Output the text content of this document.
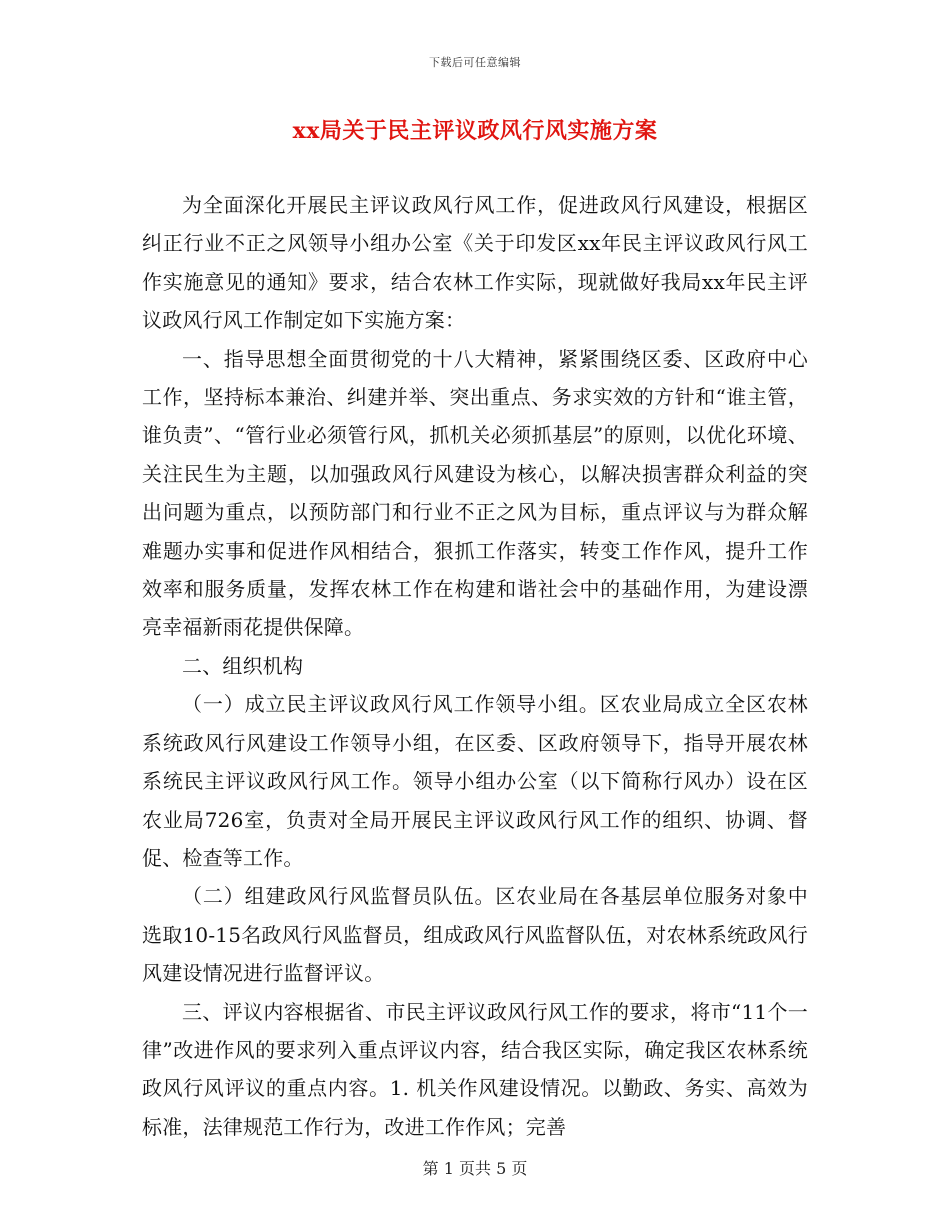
下载后可任意编辑
xx局关于民主评议政风行风实施方案

为全面深化开展民主评议政风行风工作，促进政风行风建设，根据区纠正行业不正之风领导小组办公室《关于印发区xx年民主评议政风行风工作实施意见的通知》要求，结合农林工作实际，现就做好我局xx年民主评议政风行风工作制定如下实施方案：

一、指导思想全面贯彻党的十八大精神，紧紧围绕区委、区政府中心工作，坚持标本兼治、纠建并举、突出重点、务求实效的方针和“谁主管，谁负责”、“管行业必须管行风，抓机关必须抓基层”的原则，以优化环境、关注民生为主题，以加强政风行风建设为核心，以解决损害群众利益的突出问题为重点，以预防部门和行业不正之风为目标，重点评议与为群众解难题办实事和促进作风相结合，狠抓工作落实，转变工作作风，提升工作效率和服务质量，发挥农林工作在构建和谐社会中的基础作用，为建设漂亮幸福新雨花提供保障。

二、组织机构

（一）成立民主评议政风行风工作领导小组。区农业局成立全区农林系统政风行风建设工作领导小组，在区委、区政府领导下，指导开展农林系统民主评议政风行风工作。领导小组办公室（以下简称行风办）设在区农业局726室，负责对全局开展民主评议政风行风工作的组织、协调、督促、检查等工作。

（二）组建政风行风监督员队伍。区农业局在各基层单位服务对象中选取10-15名政风行风监督员，组成政风行风监督队伍，对农林系统政风行风建设情况进行监督评议。

三、评议内容根据省、市民主评议政风行风工作的要求，将市“11个一律”改进作风的要求列入重点评议内容，结合我区实际，确定我区农林系统政风行风评议的重点内容。1. 机关作风建设情况。以勤政、务实、高效为标准，法律规范工作行为，改进工作作风；完善

第 1 页共 5 页
